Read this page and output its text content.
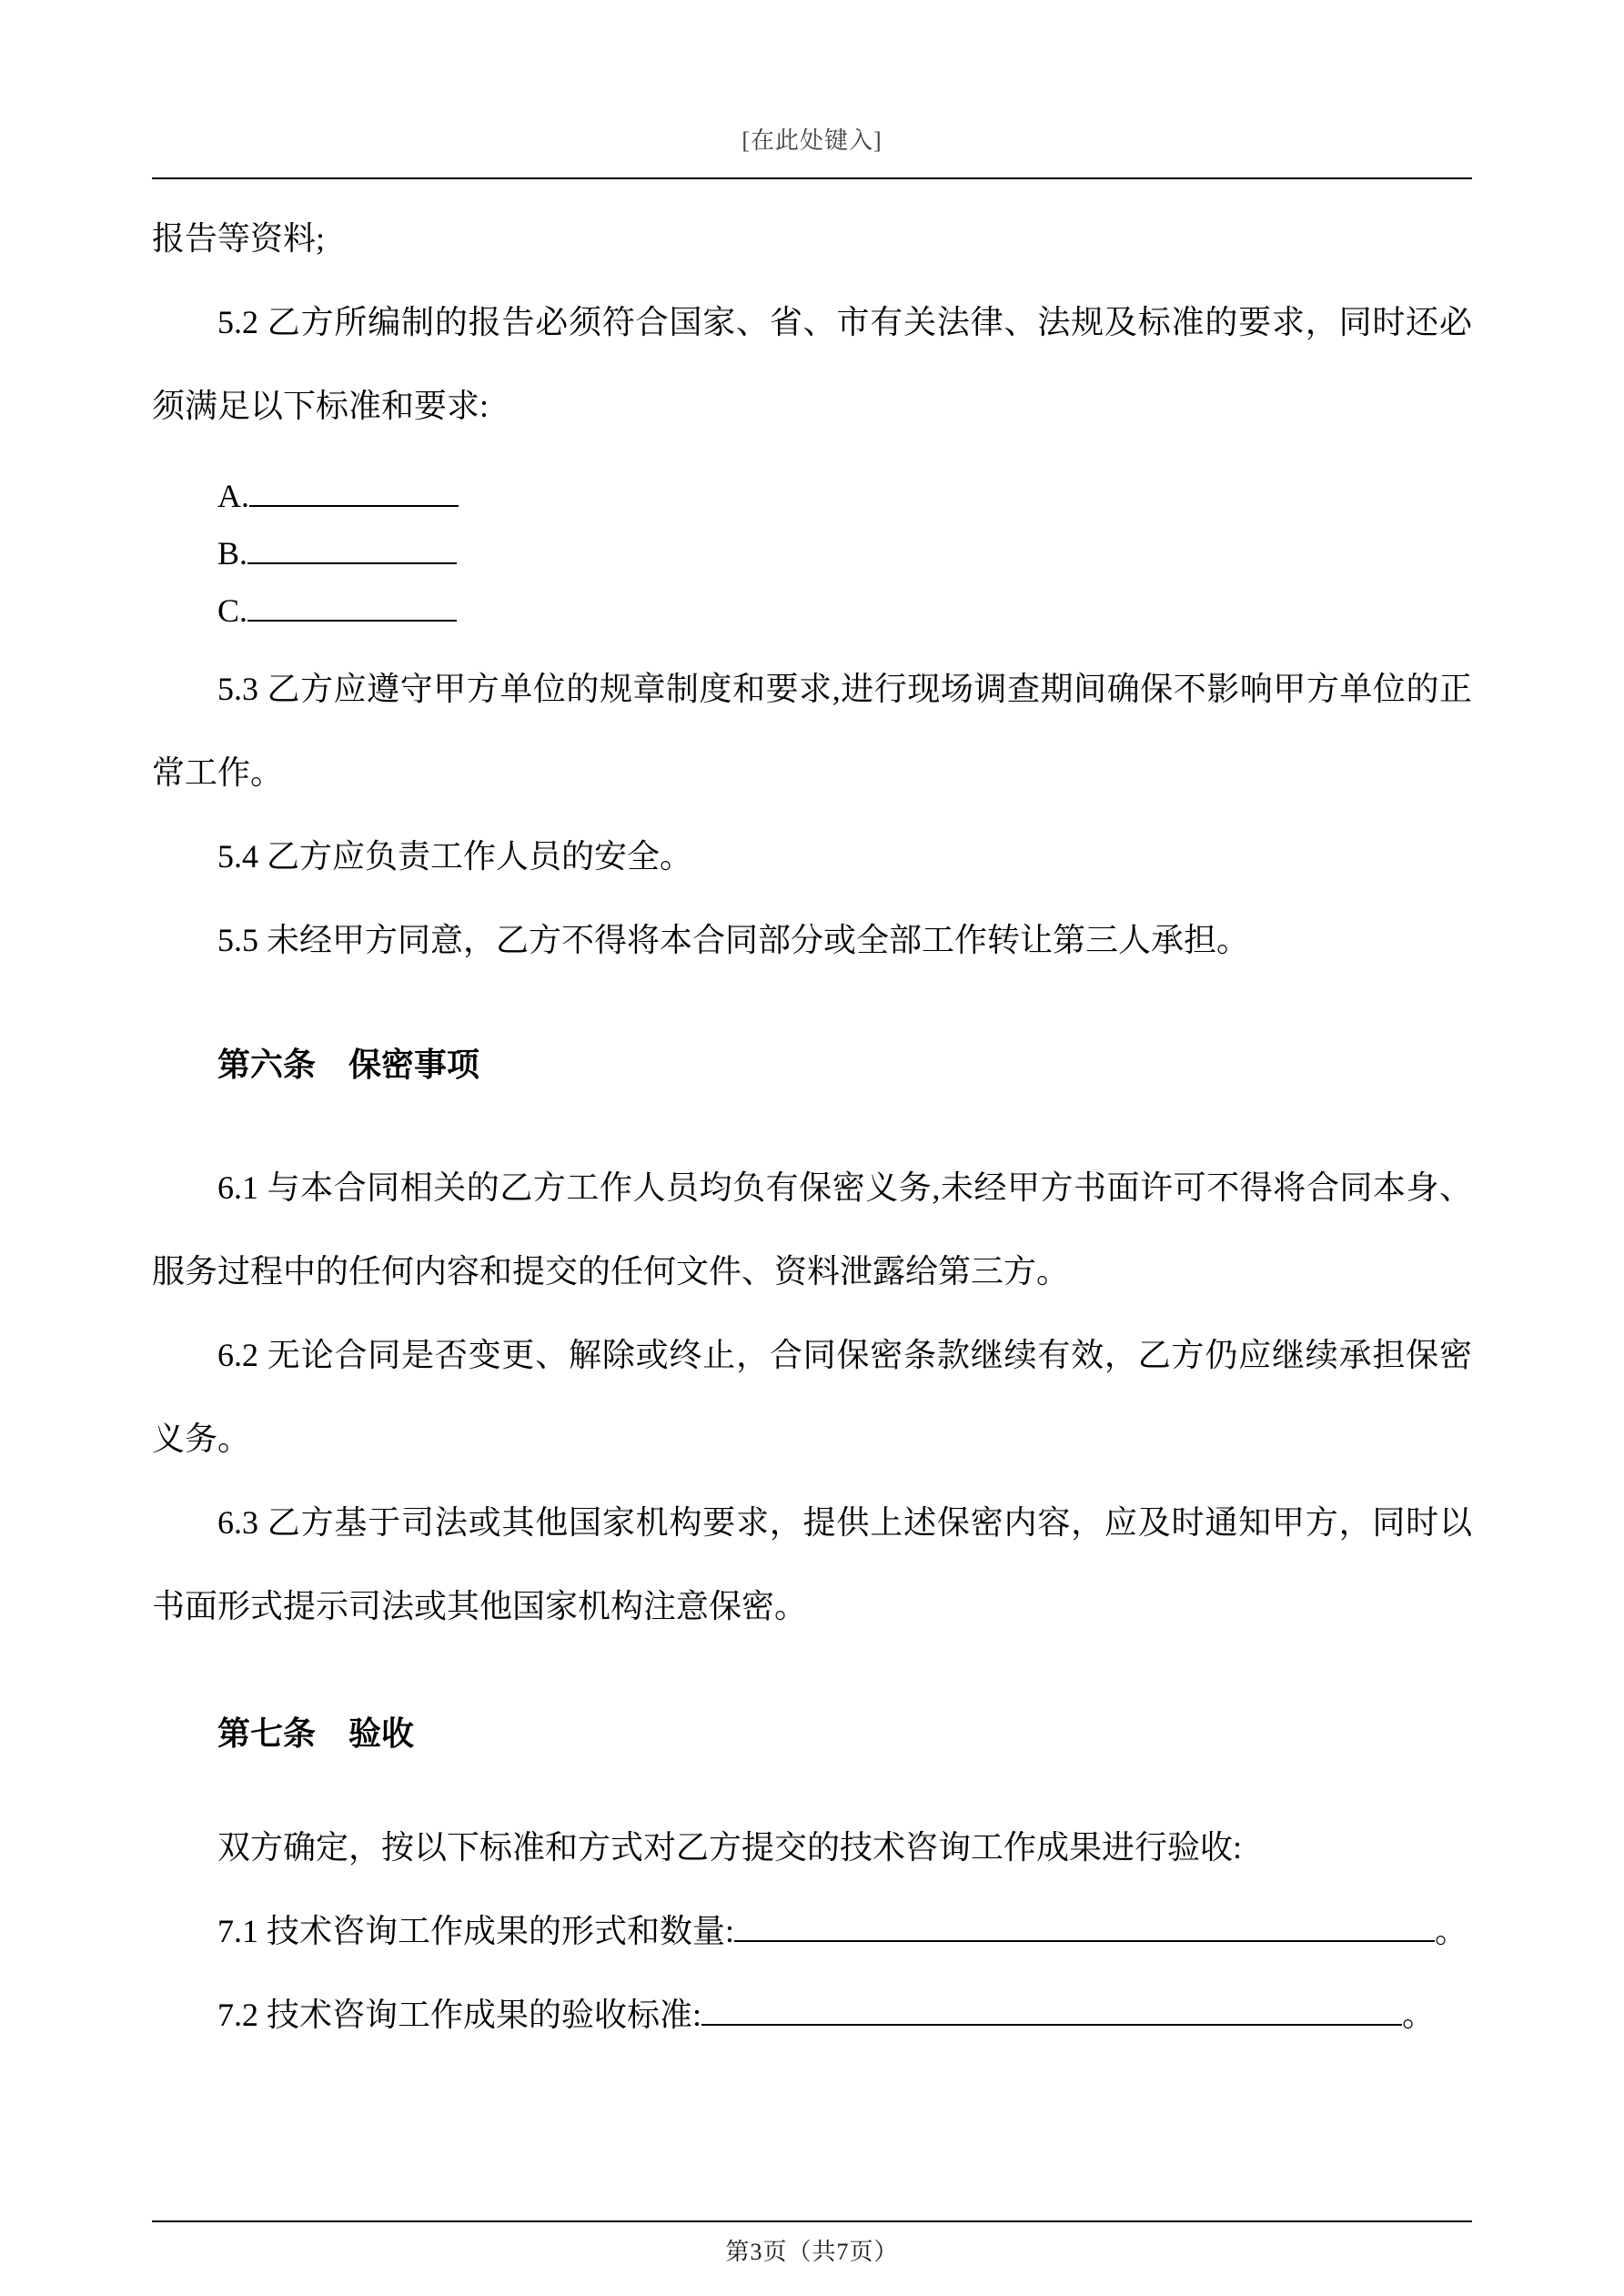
[在此处键入]

报告等资料;

5.2 乙方所编制的报告必须符合国家、省、市有关法律、法规及标准的要求，同时还必须满足以下标准和要求:

A.

B.

C.

5.3 乙方应遵守甲方单位的规章制度和要求,进行现场调查期间确保不影响甲方单位的正常工作。

5.4 乙方应负责工作人员的安全。

5.5 未经甲方同意，乙方不得将本合同部分或全部工作转让第三人承担。

第六条　保密事项

6.1 与本合同相关的乙方工作人员均负有保密义务,未经甲方书面许可不得将合同本身、服务过程中的任何内容和提交的任何文件、资料泄露给第三方。

6.2 无论合同是否变更、解除或终止，合同保密条款继续有效，乙方仍应继续承担保密义务。

6.3 乙方基于司法或其他国家机构要求，提供上述保密内容，应及时通知甲方，同时以书面形式提示司法或其他国家机构注意保密。

第七条　验收

双方确定，按以下标准和方式对乙方提交的技术咨询工作成果进行验收:

7.1 技术咨询工作成果的形式和数量:	。

7.2 技术咨询工作成果的验收标准:	。

第3页（共7页）
